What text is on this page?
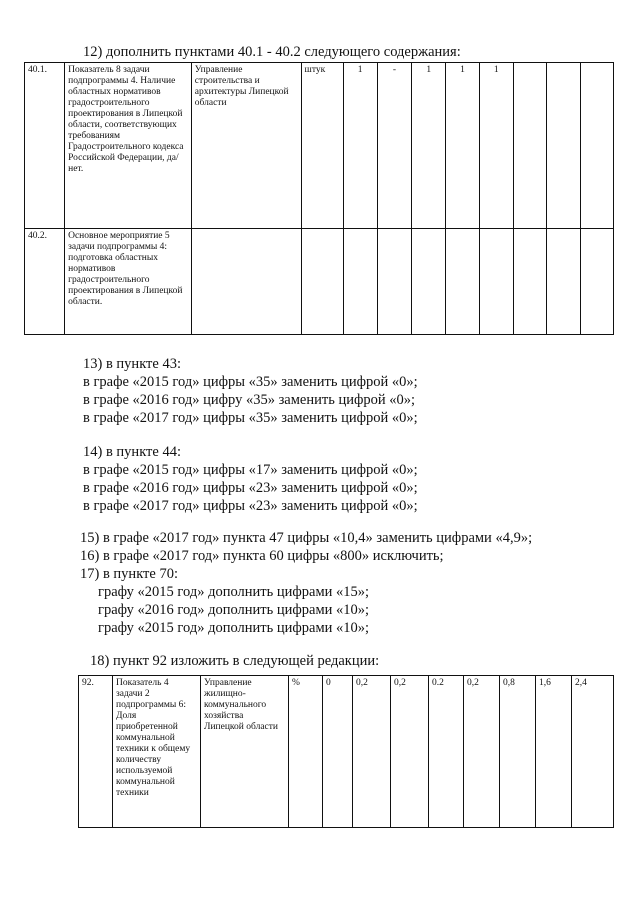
12) дополнить пунктами 40.1 - 40.2 следующего содержания:
40.1.	Показатель 8 задачи подпрограммы 4. Наличие областных нормативов градостроительного проектирования в Липецкой области, соответствующих требованиям Градостроительного кодекса Российской Федерации, да/нет.	Управление строительства и архитектуры Липецкой области	штук	1	-	1	1	1			
40.2.	Основное мероприятие 5 задачи подпрограммы 4: подготовка областных нормативов градостроительного проектирования в Липецкой области.										
13) в пункте 43:
в графе «2015 год» цифры «35» заменить цифрой «0»;
в графе «2016 год» цифру «35» заменить цифрой «0»;
в графе «2017 год» цифры «35» заменить цифрой «0»;
14) в пункте 44:
в графе «2015 год» цифры «17» заменить цифрой «0»;
в графе «2016 год» цифры «23» заменить цифрой «0»;
в графе «2017 год» цифры «23» заменить цифрой «0»;
15) в графе «2017 год» пункта 47 цифры «10,4» заменить цифрами «4,9»;
16) в графе «2017 год» пункта 60 цифры «800» исключить;
17) в пункте 70:
графу «2015 год» дополнить цифрами «15»;
графу «2016 год» дополнить цифрами «10»;
графу «2015 год» дополнить цифрами «10»;
18) пункт 92 изложить в следующей редакции:
92.	Показатель 4 задачи 2 подпрограммы 6: Доля приобретенной коммунальной техники к общему количеству используемой коммунальной техники	Управление жилищно-коммунального хозяйства Липецкой области	%	0	0,2	0,2	0.2	0,2	0,8	1,6	2,4
